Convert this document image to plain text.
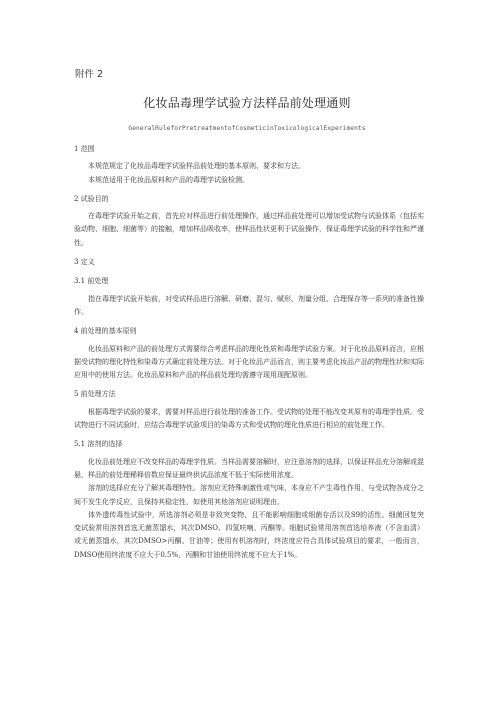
附件 2
化妆品毒理学试验方法样品前处理通则
GeneralRuleforPretreatmentofCosmeticinToxicologicalExperiments

1 范围

本规范规定了化妆品毒理学试验样品前处理的基本原则、要求和方法。

本规范适用于化妆品原料和产品的毒理学试验检测。

2 试验目的

在毒理学试验开始之前，首先应对样品进行前处理操作，通过样品前处理可以增加受试物与试验体系（包括实验动物、细胞、细菌等）的接触，增加样品吸收率，使样品性状更利于试验操作，保证毒理学试验的科学性和严谨性。

3 定义

3.1 前处理

指在毒理学试验开始前，对受试样品进行溶解、研磨、混匀、赋形、剂量分组、合理保存等一系列的准备性操作。

4 前处理的基本原则

化妆品原料和产品的前处理方式需要综合考虑样品的理化性质和毒理学试验方案。对于化妆品原料而言，应根据受试物的理化特性和染毒方式确定前处理方法。对于化妆品产品而言，则主要考虑化妆品产品的物理性状和实际应用中的使用方法。化妆品原料和产品的样品前处理均需遵守现用现配原则。

5 前处理方法

根据毒理学试验的要求，需要对样品进行前处理的准备工作。受试物的处理不能改变其原有的毒理学性质。受试物进行不同试验时，应结合毒理学试验项目的染毒方式和受试物的理化性质进行相应的前处理工作。

5.1 溶剂的选择

化妆品前处理应不改变样品的毒理学性质。当样品需要溶解时，应注意溶剂的选择，以保证样品充分溶解或混悬，样品的前处理稀释倍数应保证最终供试品浓度不低于实际使用浓度。

溶剂的选择应充分了解其毒理特性。溶剂应无特殊刺激性或气味，本身应不产生毒性作用，与受试物各成分之间不发生化学反应，且保持其稳定性，如使用其他溶剂应说明理由。

体外遗传毒性试验中，所选溶剂必须是非致突变物，且不能影响细胞或细菌存活以及S9的活性。细菌回复突变试验常用溶剂首选无菌蒸馏水，其次DMSO、四氢呋喃、丙酮等。细胞试验常用溶剂首选培养液（不含血清）或无菌蒸馏水，其次DMSO>丙酮、甘油等；使用有机溶剂时，终浓度应符合具体试验项目的要求，一般而言，DMSO使用终浓度不应大于0.5%，丙酮和甘油使用终浓度不应大于1%。
